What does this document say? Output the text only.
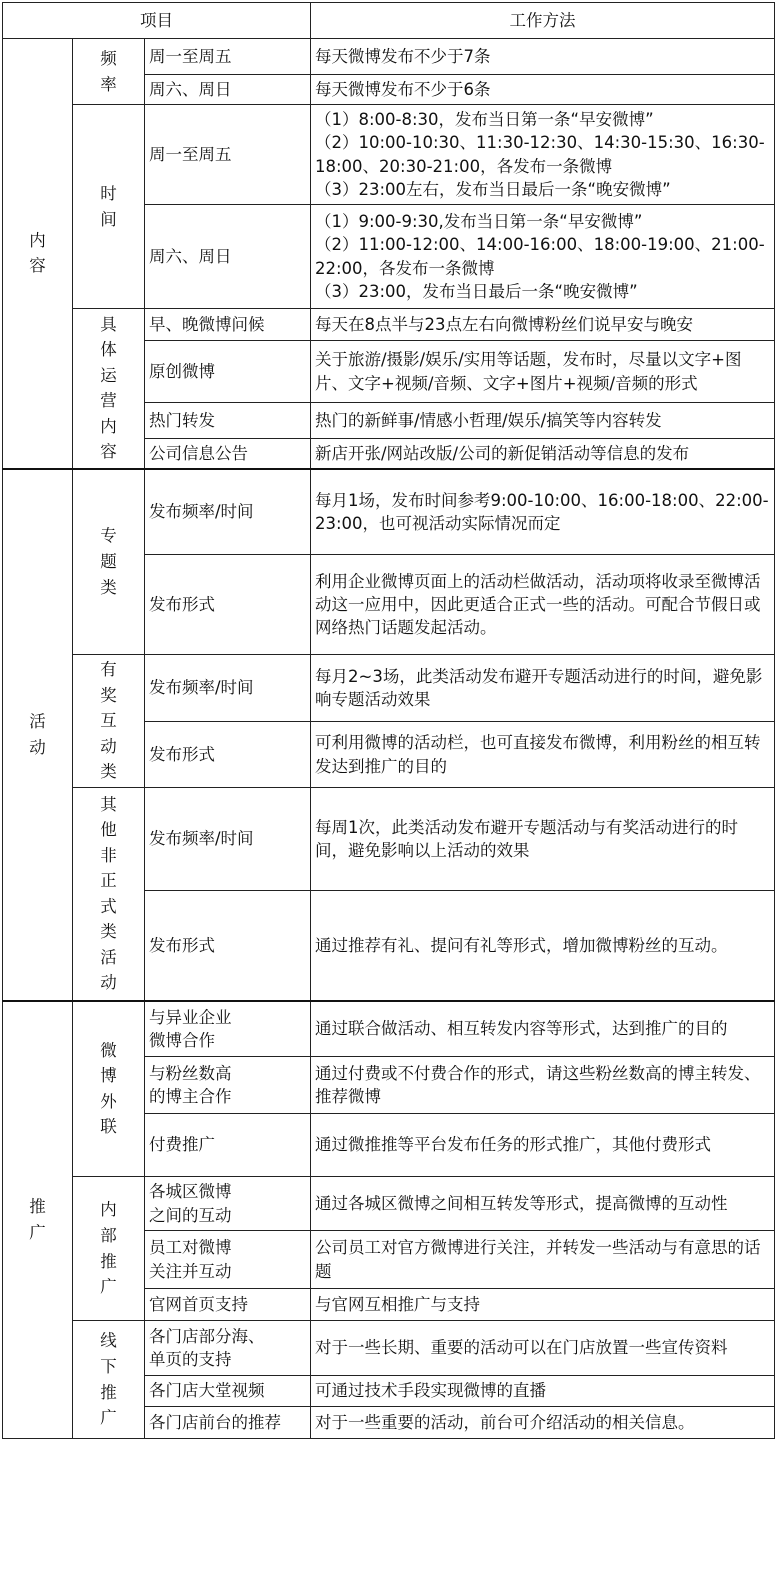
项目			工作方法
内容	频率	周一至周五	每天微博发布不少于7条
		周六、周日	每天微博发布不少于6条
	时间	周一至周五	（1）8:00-8:30，发布当日第一条“早安微博”
（2）10:00-10:30、11:30-12:30、14:30-15:30、16:30-18:00、20:30-21:00，各发布一条微博
（3）23:00左右，发布当日最后一条“晚安微博”
		周六、周日	（1）9:00-9:30,发布当日第一条“早安微博”
（2）11:00-12:00、14:00-16:00、18:00-19:00、21:00-22:00，各发布一条微博
（3）23:00，发布当日最后一条“晚安微博”
	具体运营内容	早、晚微博问候	每天在8点半与23点左右向微博粉丝们说早安与晚安
		原创微博	关于旅游/摄影/娱乐/实用等话题，发布时，尽量以文字+图片、文字+视频/音频、文字+图片+视频/音频的形式
		热门转发	热门的新鲜事/情感小哲理/娱乐/搞笑等内容转发
		公司信息公告	新店开张/网站改版/公司的新促销活动等信息的发布
活动	专题类	发布频率/时间	每月1场，发布时间参考9:00-10:00、16:00-18:00、22:00-23:00，也可视活动实际情况而定
		发布形式	利用企业微博页面上的活动栏做活动，活动项将收录至微博活动这一应用中，因此更适合正式一些的活动。可配合节假日或网络热门话题发起活动。
	有奖互动类	发布频率/时间	每月2~3场，此类活动发布避开专题活动进行的时间，避免影响专题活动效果
		发布形式	可利用微博的活动栏，也可直接发布微博，利用粉丝的相互转发达到推广的目的
	其他非正式类活动	发布频率/时间	每周1次，此类活动发布避开专题活动与有奖活动进行的时间，避免影响以上活动的效果
		发布形式	通过推荐有礼、提问有礼等形式，增加微博粉丝的互动。
推广	微博外联	与异业企业
微博合作	通过联合做活动、相互转发内容等形式，达到推广的目的
		与粉丝数高
的博主合作	通过付费或不付费合作的形式，请这些粉丝数高的博主转发、推荐微博
		付费推广	通过微推推等平台发布任务的形式推广，其他付费形式
	内部推广	各城区微博
之间的互动	通过各城区微博之间相互转发等形式，提高微博的互动性
		员工对微博
关注并互动	公司员工对官方微博进行关注，并转发一些活动与有意思的话题
		官网首页支持	与官网互相推广与支持
	线下推广	各门店部分海、
单页的支持	对于一些长期、重要的活动可以在门店放置一些宣传资料
		各门店大堂视频	可通过技术手段实现微博的直播
		各门店前台的推荐	对于一些重要的活动，前台可介绍活动的相关信息。
